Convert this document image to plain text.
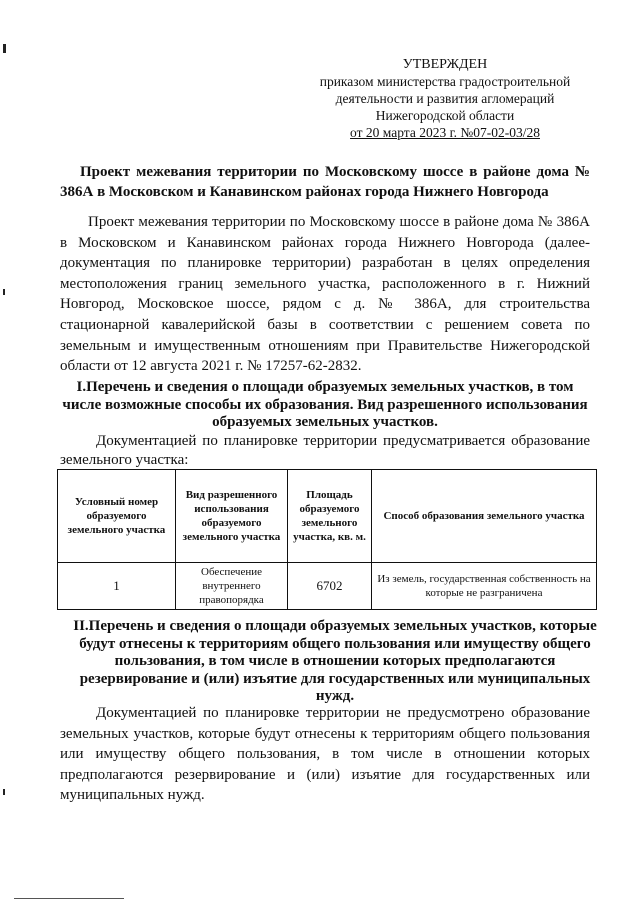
УТВЕРЖДЕН
приказом министерства градостроительной
деятельности и развития агломераций
Нижегородской области
от 20 марта 2023 г. №07-02-03/28
Проект межевания территории по Московскому шоссе в районе дома № 386А в Московском и Канавинском районах города Нижнего Новгорода
Проект межевания территории по Московскому шоссе в районе дома № 386А в Московском и Канавинском районах города Нижнего Новгорода (далее-документация по планировке территории) разработан в целях определения местоположения границ земельного участка, расположенного в г. Нижний Новгород, Московское шоссе, рядом с д. № 386А, для строительства стационарной кавалерийской базы в соответствии с решением совета по земельным и имущественным отношениям при Правительстве Нижегородской области от 12 августа 2021 г. № 17257-62-2832.
I.Перечень и сведения о площади образуемых земельных участков, в том числе возможные способы их образования. Вид разрешенного использования образуемых земельных участков.
Документацией по планировке территории предусматривается образование земельного участка:
Условный номер образуемого земельного участка	Вид разрешенного использования образуемого земельного участка	Площадь образуемого земельного участка, кв. м.	Способ образования земельного участка
1	Обеспечение внутреннего правопорядка	6702	Из земель, государственная собственность на которые не разграничена
II.Перечень и сведения о площади образуемых земельных участков, которые будут отнесены к территориям общего пользования или имуществу общего пользования, в том числе в отношении которых предполагаются резервирование и (или) изъятие для государственных или муниципальных нужд.
Документацией по планировке территории не предусмотрено образование земельных участков, которые будут отнесены к территориям общего пользования или имуществу общего пользования, в том числе в отношении которых предполагаются резервирование и (или) изъятие для государственных или муниципальных нужд.
